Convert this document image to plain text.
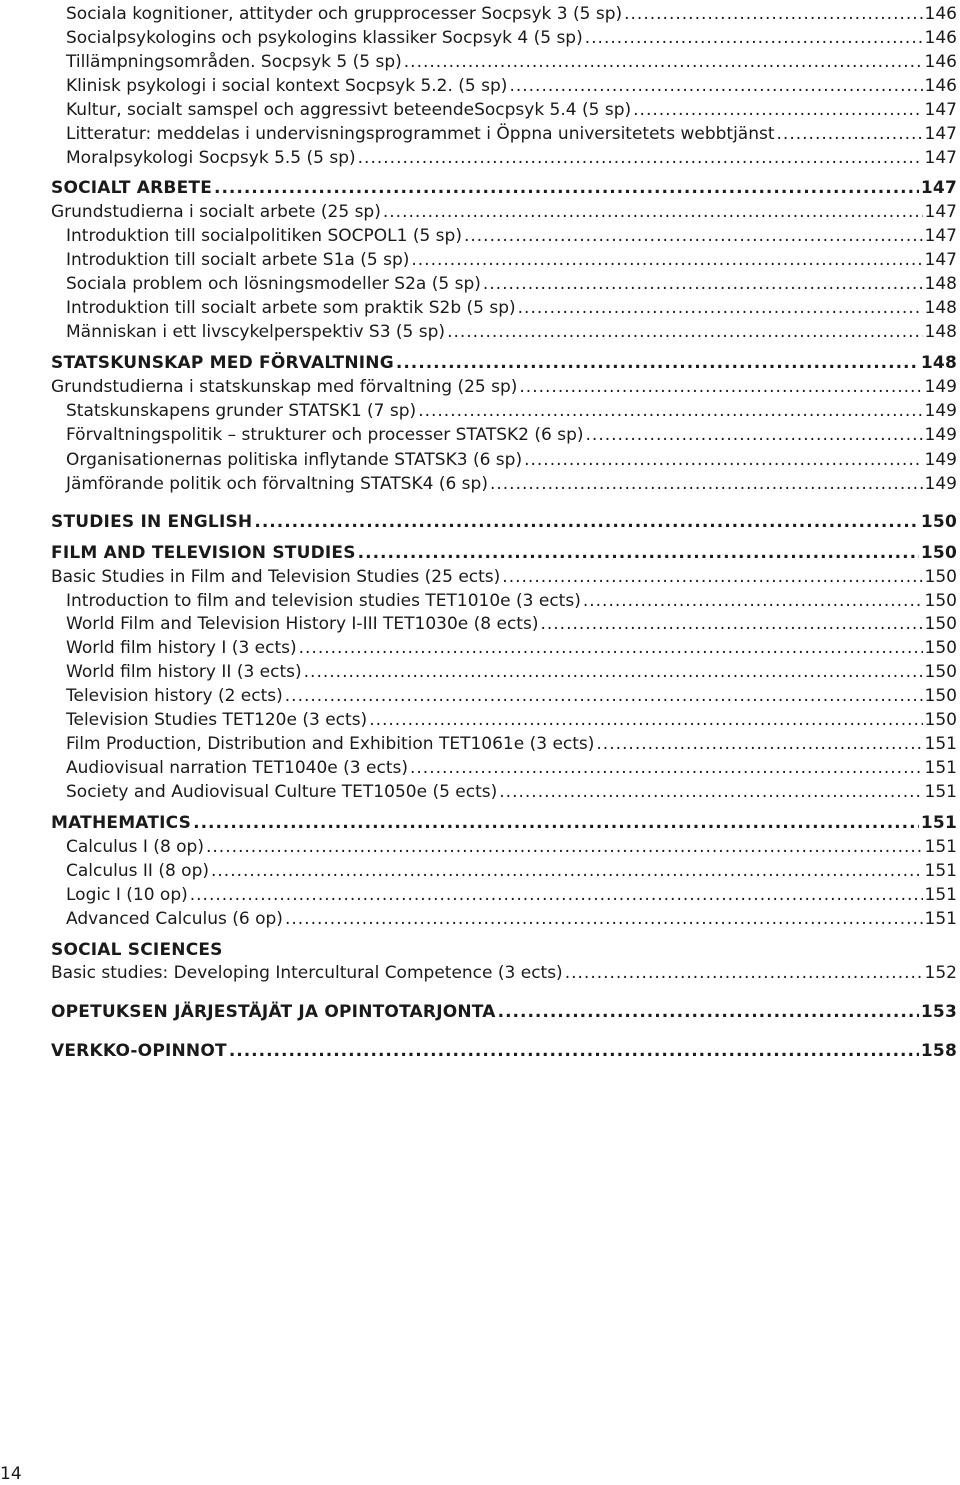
Sociala kognitioner, attityder och grupprocesser Socpsyk 3 (5 sp) .....	146
Socialpsykologins och psykologins klassiker Socpsyk 4 (5 sp) .....	146
Tillämpningsområden. Socpsyk 5 (5 sp) .....	146
Klinisk psykologi i social kontext Socpsyk 5.2. (5 sp) .....	146
Kultur, socialt samspel och aggressivt beteendeSocpsyk 5.4 (5 sp) .....	147
Litteratur: meddelas i undervisningsprogrammet i Öppna universitetets webbtjänst .....	147
Moralpsykologi Socpsyk 5.5 (5 sp) .....	147
SOCIALT ARBETE .....	147
Grundstudierna i socialt arbete (25 sp) .....	147
Introduktion till socialpolitiken SOCPOL1 (5 sp) .....	147
Introduktion till socialt arbete S1a (5 sp) .....	147
Sociala problem och lösningsmodeller S2a (5 sp) .....	148
Introduktion till socialt arbete som praktik S2b (5 sp) .....	148
Människan i ett livscykelperspektiv S3 (5 sp) .....	148
STATSKUNSKAP MED FÖRVALTNING .....	148
Grundstudierna i statskunskap med förvaltning (25 sp) .....	149
Statskunskapens grunder STATSK1 (7 sp) .....	149
Förvaltningspolitik – strukturer och processer STATSK2 (6 sp) .....	149
Organisationernas politiska inflytande STATSK3 (6 sp) .....	149
Jämförande politik och förvaltning STATSK4 (6 sp) .....	149
STUDIES IN ENGLISH .....	150
FILM AND TELEVISION STUDIES .....	150
Basic Studies in Film and Television Studies (25 ects) .....	150
Introduction to film and television studies TET1010e (3 ects) .....	150
World Film and Television History I-III TET1030e (8 ects) .....	150
World film history I (3 ects) .....	150
World film history II (3 ects) .....	150
Television history (2 ects) .....	150
Television Studies TET120e (3 ects) .....	150
Film Production, Distribution and Exhibition TET1061e (3 ects) .....	151
Audiovisual narration TET1040e (3 ects) .....	151
Society and Audiovisual Culture TET1050e (5 ects) .....	151
MATHEMATICS .....	151
Calculus I (8 op) .....	151
Calculus II (8 op) .....	151
Logic I (10 op) .....	151
Advanced Calculus (6 op) .....	151
SOCIAL SCIENCES
Basic studies: Developing Intercultural Competence (3 ects) .....	152
OPETUKSEN JÄRJESTÄJÄT JA OPINTOTARJONTA .....	153
VERKKO-OPINNOT .....	158
14
